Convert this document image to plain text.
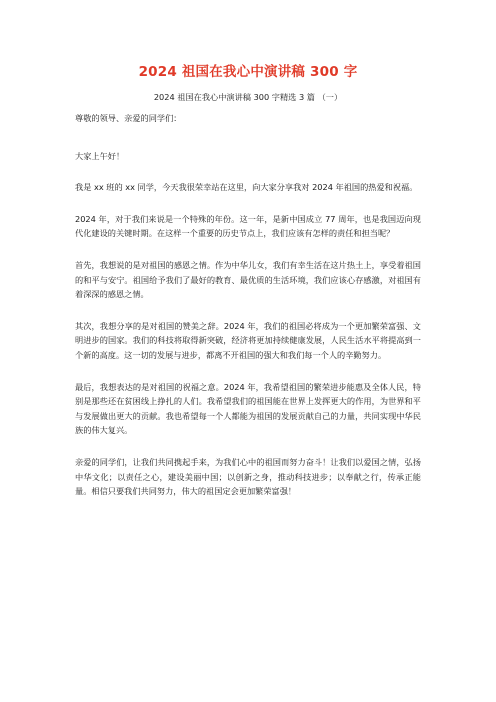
2024 祖国在我心中演讲稿 300 字
2024 祖国在我心中演讲稿 300 字精选 3 篇 （一）

尊敬的领导、亲爱的同学们：

大家上午好！

我是 xx 班的 xx 同学，今天我很荣幸站在这里，向大家分享我对 2024 年祖国的热爱和祝福。

2024 年，对于我们来说是一个特殊的年份。这一年，是新中国成立 77 周年，也是我国迈向现代化建设的关键时期。在这样一个重要的历史节点上，我们应该有怎样的责任和担当呢？

首先，我想说的是对祖国的感恩之情。作为中华儿女，我们有幸生活在这片热土上，享受着祖国的和平与安宁。祖国给予我们了最好的教育、最优质的生活环境，我们应该心存感激，对祖国有着深深的感恩之情。

其次，我想分享的是对祖国的赞美之辞。2024 年，我们的祖国必将成为一个更加繁荣富强、文明进步的国家。我们的科技将取得新突破，经济将更加持续健康发展，人民生活水平将提高到一个新的高度。这一切的发展与进步，都离不开祖国的强大和我们每一个人的辛勤努力。

最后，我想表达的是对祖国的祝福之意。2024 年，我希望祖国的繁荣进步能惠及全体人民，特别是那些还在贫困线上挣扎的人们。我希望我们的祖国能在世界上发挥更大的作用，为世界和平与发展做出更大的贡献。我也希望每一个人都能为祖国的发展贡献自己的力量，共同实现中华民族的伟大复兴。

亲爱的同学们，让我们共同携起手来，为我们心中的祖国而努力奋斗！让我们以爱国之情，弘扬中华文化；以责任之心，建设美丽中国；以创新之身，推动科技进步；以奉献之行，传承正能量。相信只要我们共同努力，伟大的祖国定会更加繁荣富强！
